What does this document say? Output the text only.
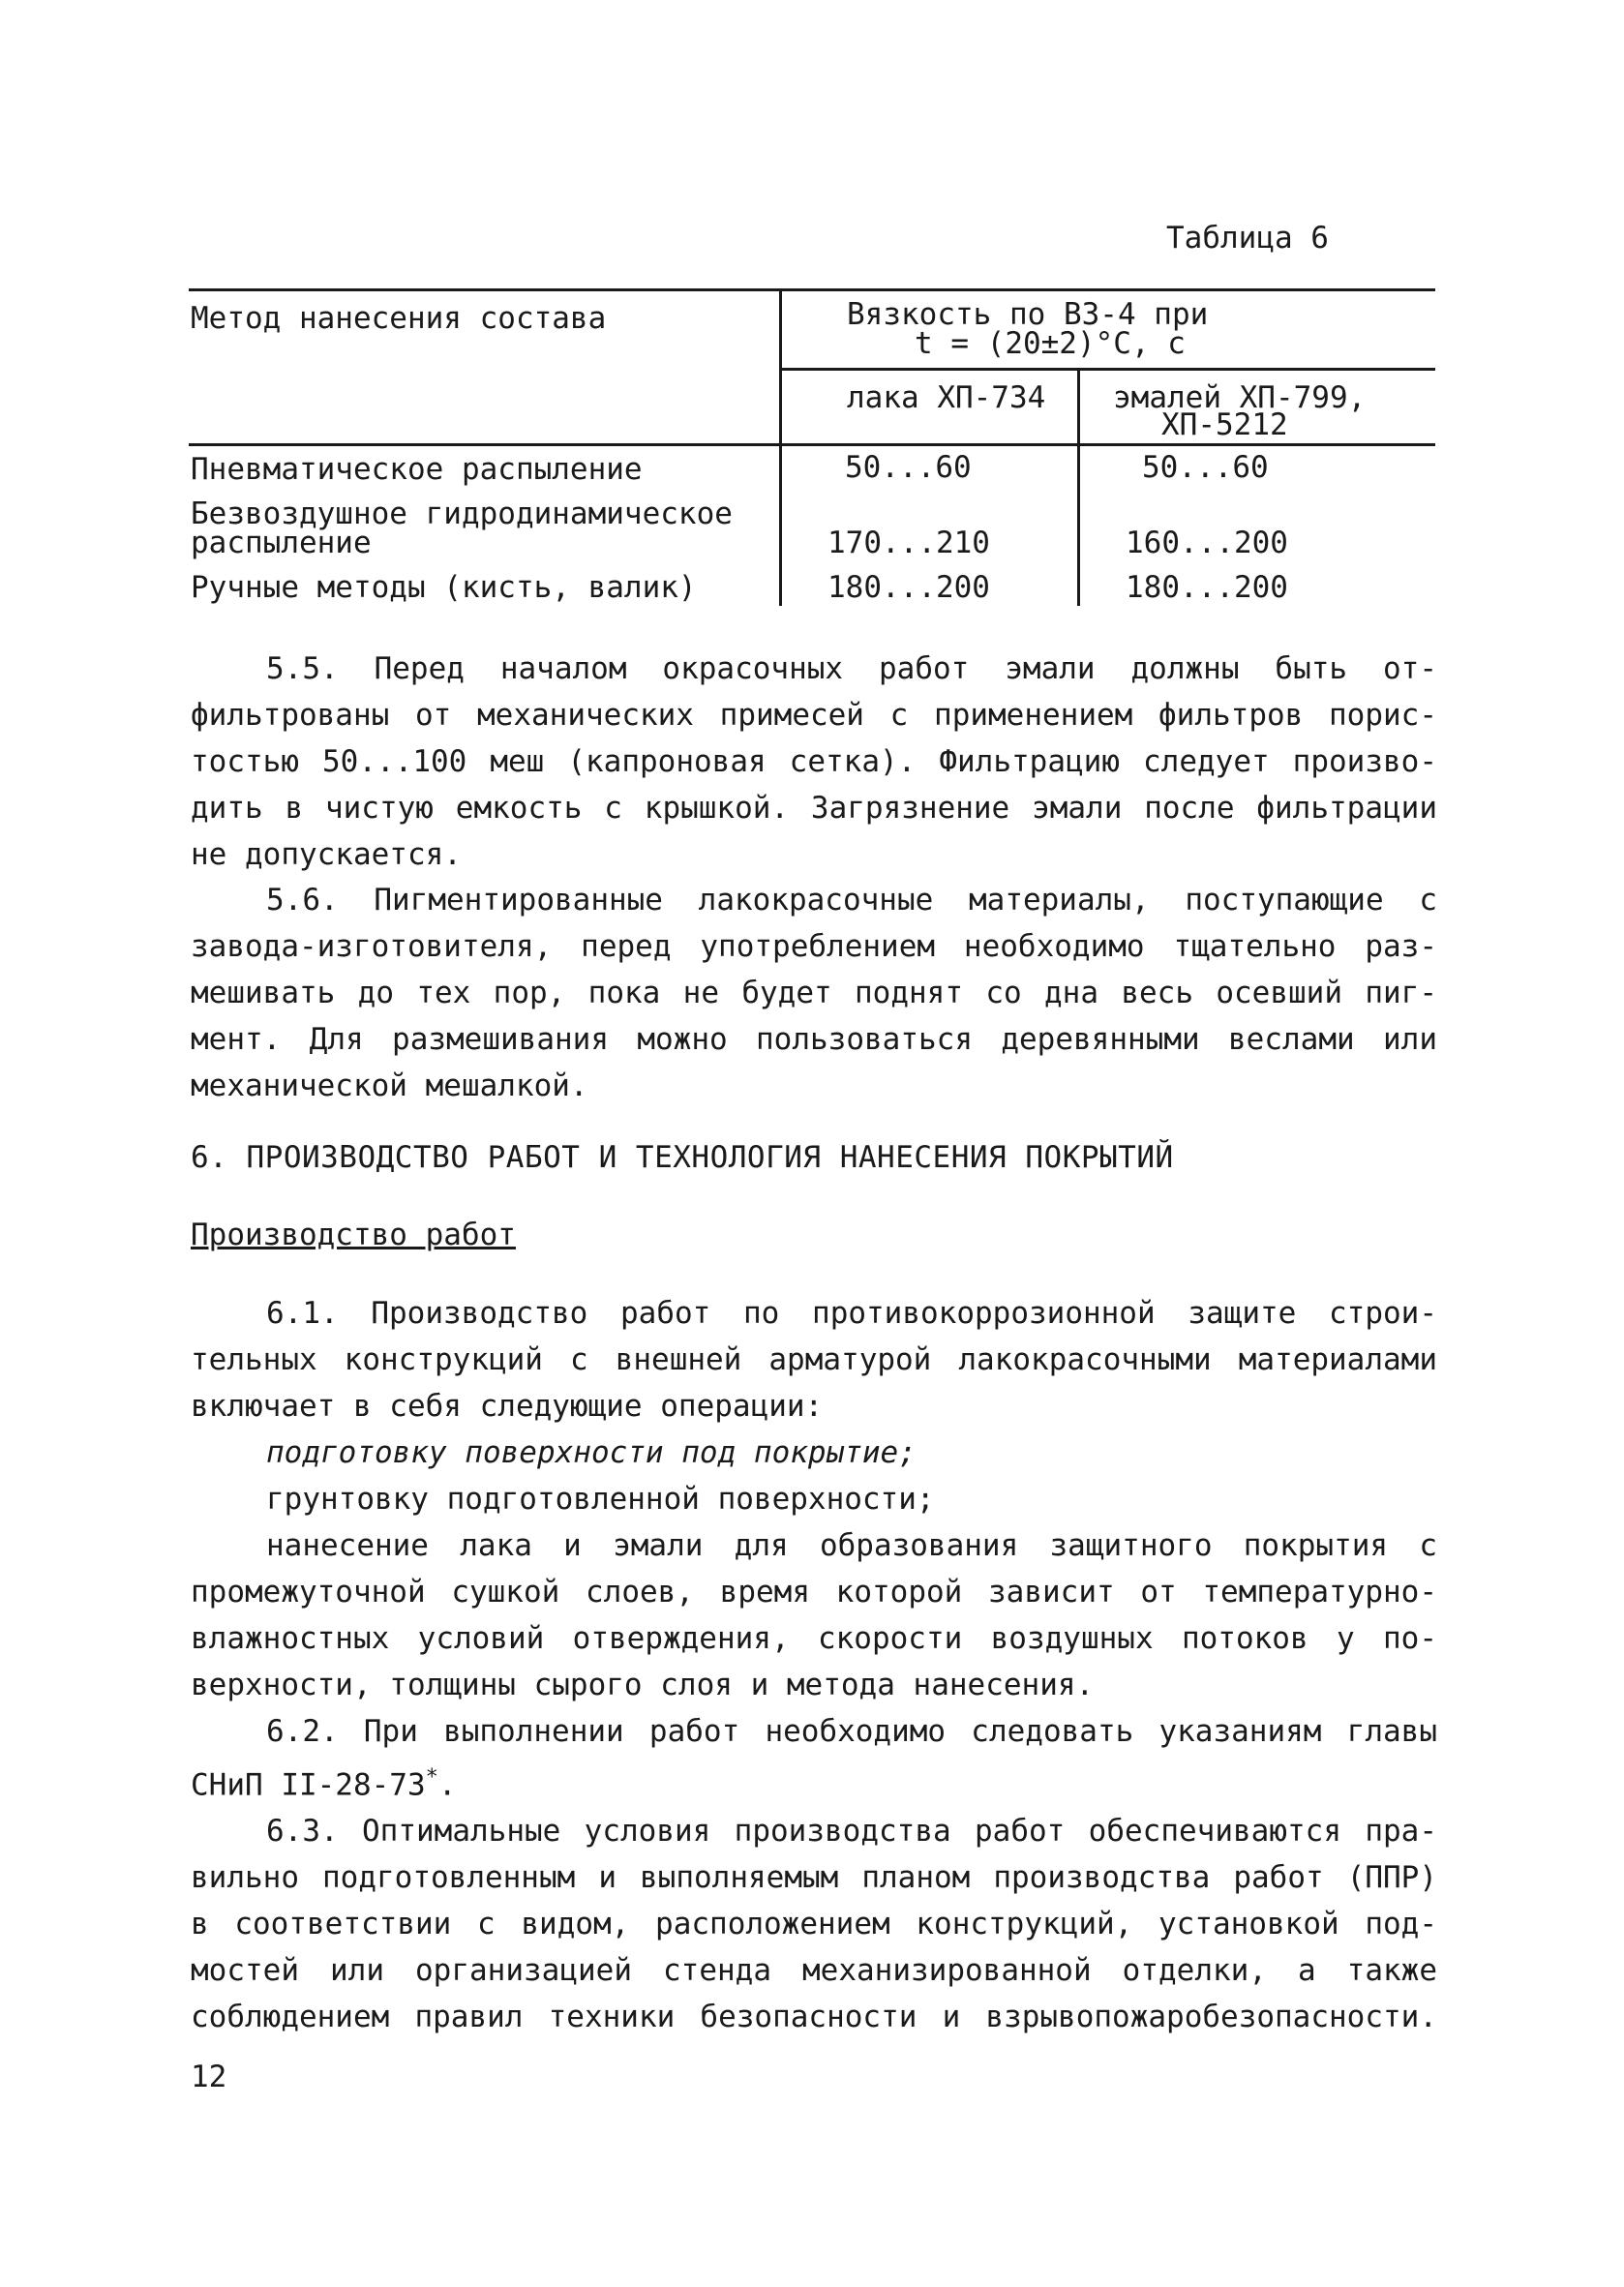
Таблица 6
Метод нанесения состава	Вязкость по ВЗ-4 при
t = (20±2)°С, с
лака ХП-734 эмалей ХП-799,
ХП-5212
Пневматическое распыление	50...60	50...60
Безвоздушное гидродинамическое
распыление	170...210	160...200
Ручные методы (кисть, валик)	180...200	180...200
5.5. Перед началом окрасочных работ эмали должны быть от-
фильтрованы от механических примесей с применением фильтров порис-
тостью 50...100 меш (капроновая сетка). Фильтрацию следует произво-
дить в чистую емкость с крышкой. Загрязнение эмали после фильтрации
не допускается.
5.6. Пигментированные лакокрасочные материалы, поступающие с
завода-изготовителя, перед употреблением необходимо тщательно раз-
мешивать до тех пор, пока не будет поднят со дна весь осевший пиг-
мент. Для размешивания можно пользоваться деревянными веслами или
механической мешалкой.
6. ПРОИЗВОДСТВО РАБОТ И ТЕХНОЛОГИЯ НАНЕСЕНИЯ ПОКРЫТИЙ
Производство работ
6.1. Производство работ по противокоррозионной защите строи-
тельных конструкций с внешней арматурой лакокрасочными материалами
включает в себя следующие операции:
подготовку поверхности под покрытие;
грунтовку подготовленной поверхности;
нанесение лака и эмали для образования защитного покрытия с
промежуточной сушкой слоев, время которой зависит от температурно-
влажностных условий отверждения, скорости воздушных потоков у по-
верхности, толщины сырого слоя и метода нанесения.
6.2. При выполнении работ необходимо следовать указаниям главы
СНиП II-28-73*.
6.3. Оптимальные условия производства работ обеспечиваются пра-
вильно подготовленным и выполняемым планом производства работ (ППР)
в соответствии с видом, расположением конструкций, установкой под-
мостей или организацией стенда механизированной отделки, а также
соблюдением правил техники безопасности и взрывопожаробезопасности.
12
